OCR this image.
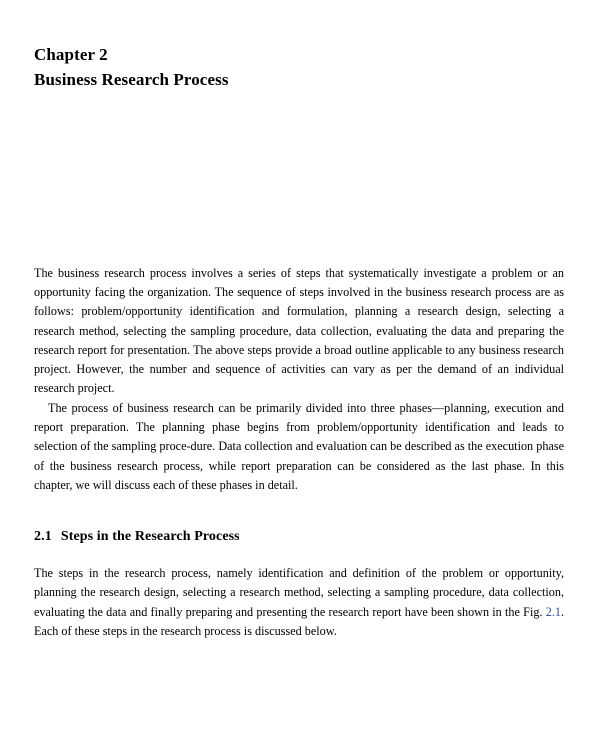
Chapter 2
Business Research Process

The business research process involves a series of steps that systematically investigate a problem or an opportunity facing the organization. The sequence of steps involved in the business research process are as follows: problem/opportunity identification and formulation, planning a research design, selecting a research method, selecting the sampling procedure, data collection, evaluating the data and preparing the research report for presentation. The above steps provide a broad outline applicable to any business research project. However, the number and sequence of activities can vary as per the demand of an individual research project.

The process of business research can be primarily divided into three phases—planning, execution and report preparation. The planning phase begins from problem/opportunity identification and leads to selection of the sampling proce-dure. Data collection and evaluation can be described as the execution phase of the business research process, while report preparation can be considered as the last phase. In this chapter, we will discuss each of these phases in detail.

2.1 Steps in the Research Process

The steps in the research process, namely identification and definition of the problem or opportunity, planning the research design, selecting a research method, selecting a sampling procedure, data collection, evaluating the data and finally preparing and presenting the research report have been shown in the Fig. 2.1. Each of these steps in the research process is discussed below.
